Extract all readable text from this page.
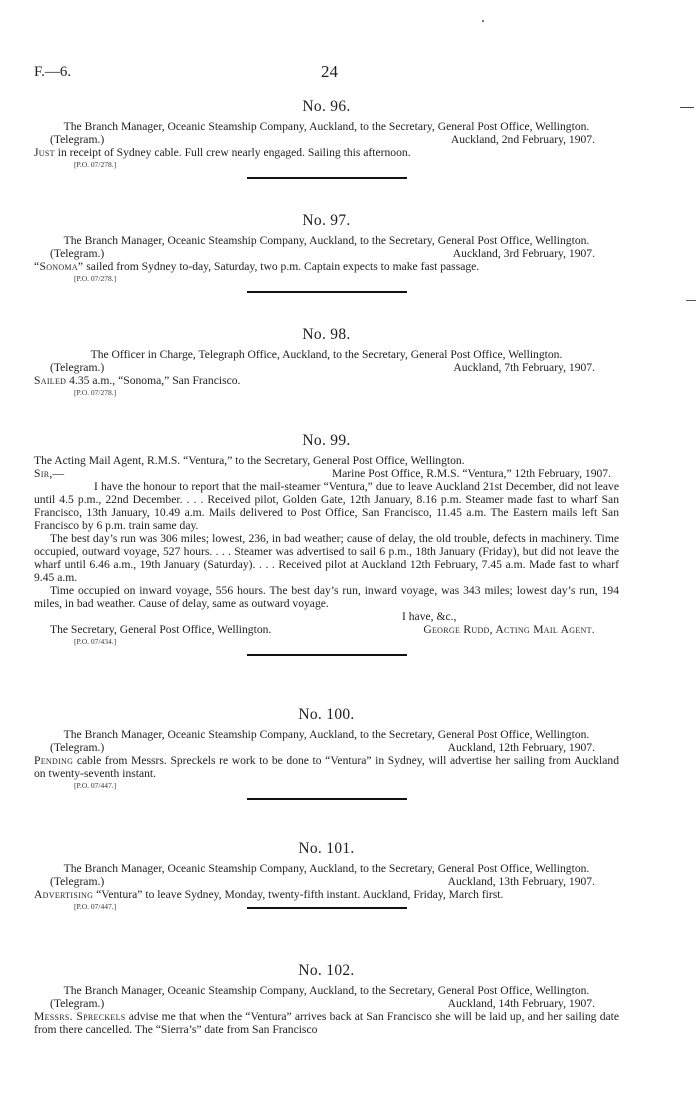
F.—6.	24
No. 96.
The Branch Manager, Oceanic Steamship Company, Auckland, to the Secretary, General Post Office, Wellington.
(Telegram.)	Auckland, 2nd February, 1907.
Just in receipt of Sydney cable. Full crew nearly engaged. Sailing this afternoon.
[P.O. 07/278.]
No. 97.
The Branch Manager, Oceanic Steamship Company, Auckland, to the Secretary, General Post Office, Wellington.
(Telegram.)	Auckland, 3rd February, 1907.
“Sonoma” sailed from Sydney to-day, Saturday, two p.m. Captain expects to make fast passage.
[P.O. 07/278.]
No. 98.
The Officer in Charge, Telegraph Office, Auckland, to the Secretary, General Post Office, Wellington.
(Telegram.)	Auckland, 7th February, 1907.
Sailed 4.35 a.m., “Sonoma,” San Francisco.
[P.O. 07/278.]
No. 99.
The Acting Mail Agent, R.M.S. “Ventura,” to the Secretary, General Post Office, Wellington.
Sir,—	Marine Post Office, R.M.S. “Ventura,” 12th February, 1907.

I have the honour to report that the mail-steamer “Ventura,” due to leave Auckland 21st December, did not leave until 4.5 p.m., 22nd December. . . . Received pilot, Golden Gate, 12th January, 8.16 p.m. Steamer made fast to wharf San Francisco, 13th January, 10.49 a.m. Mails delivered to Post Office, San Francisco, 11.45 a.m. The Eastern mails left San Francisco by 6 p.m. train same day.

The best day’s run was 306 miles; lowest, 236, in bad weather; cause of delay, the old trouble, defects in machinery. Time occupied, outward voyage, 527 hours. . . . Steamer was advertised to sail 6 p.m., 18th January (Friday), but did not leave the wharf until 6.46 a.m., 19th January (Saturday). . . . Received pilot at Auckland 12th February, 7.45 a.m. Made fast to wharf 9.45 a.m.

Time occupied on inward voyage, 556 hours. The best day’s run, inward voyage, was 343 miles; lowest day’s run, 194 miles, in bad weather. Cause of delay, same as outward voyage.

I have, &c.,
The Secretary, General Post Office, Wellington.	George Rudd, Acting Mail Agent.
[P.O. 07/434.]
No. 100.
The Branch Manager, Oceanic Steamship Company, Auckland, to the Secretary, General Post Office, Wellington.
(Telegram.)	Auckland, 12th February, 1907.
Pending cable from Messrs. Spreckels re work to be done to “Ventura” in Sydney, will advertise her sailing from Auckland on twenty-seventh instant.
[P.O. 07/447.]
No. 101.
The Branch Manager, Oceanic Steamship Company, Auckland, to the Secretary, General Post Office, Wellington.
(Telegram.)	Auckland, 13th February, 1907.
Advertising “Ventura” to leave Sydney, Monday, twenty-fifth instant. Auckland, Friday, March first.
[P.O. 07/447.]
No. 102.
The Branch Manager, Oceanic Steamship Company, Auckland, to the Secretary, General Post Office, Wellington.
(Telegram.)	Auckland, 14th February, 1907.
Messrs. Spreckels advise me that when the “Ventura” arrives back at San Francisco she will be laid up, and her sailing date from there cancelled. The “Sierra’s” date from San Francisco
